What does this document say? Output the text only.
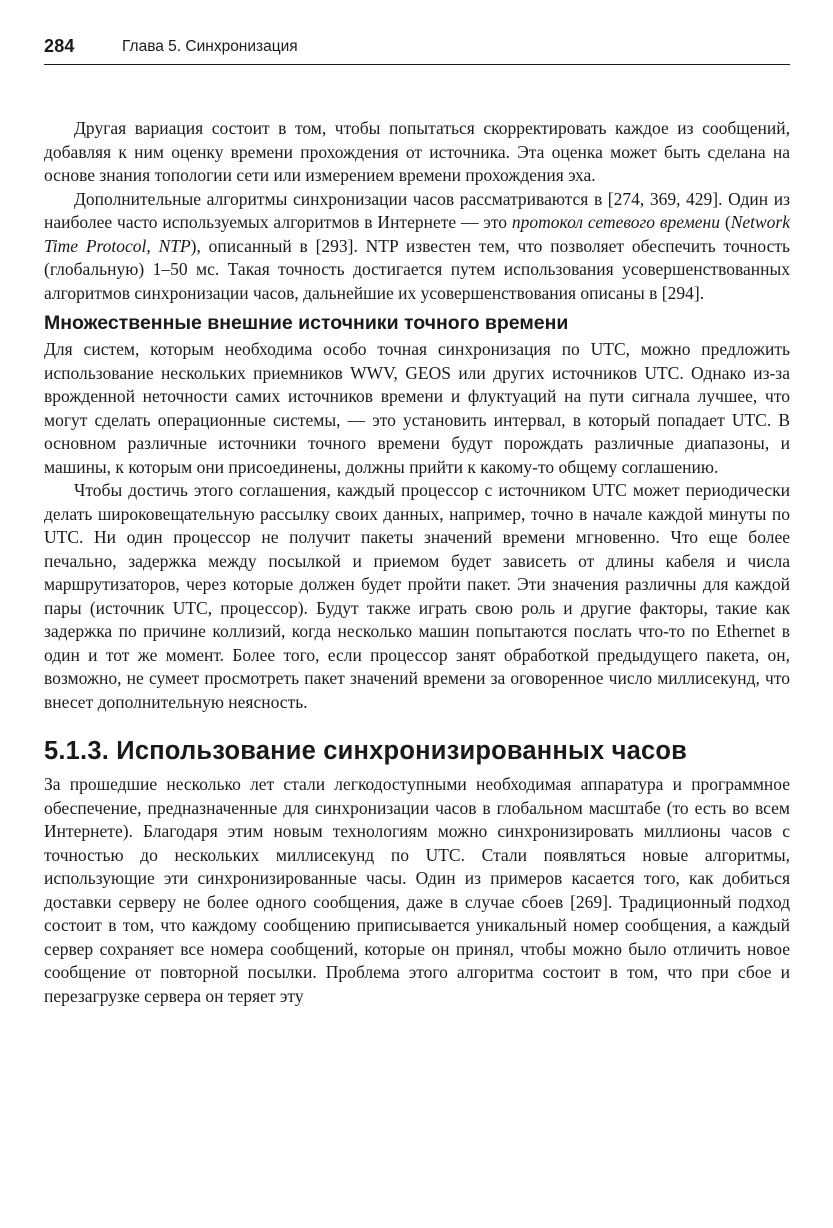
284	Глава 5. Синхронизация

Другая вариация состоит в том, чтобы попытаться скорректировать каждое из сообщений, добавляя к ним оценку времени прохождения от источника. Эта оценка может быть сделана на основе знания топологии сети или измерением времени прохождения эха.

Дополнительные алгоритмы синхронизации часов рассматриваются в [274, 369, 429]. Один из наиболее часто используемых алгоритмов в Интернете — это протокол сетевого времени (Network Time Protocol, NTP), описанный в [293]. NTP известен тем, что позволяет обеспечить точность (глобальную) 1–50 мс. Такая точность достигается путем использования усовершенствованных алгоритмов синхронизации часов, дальнейшие их усовершенствования описаны в [294].

Множественные внешние источники точного времени

Для систем, которым необходима особо точная синхронизация по UTC, можно предложить использование нескольких приемников WWV, GEOS или других источников UTC. Однако из-за врожденной неточности самих источников времени и флуктуаций на пути сигнала лучшее, что могут сделать операционные системы, — это установить интервал, в который попадает UTC. В основном различные источники точного времени будут порождать различные диапазоны, и машины, к которым они присоединены, должны прийти к какому-то общему соглашению.

Чтобы достичь этого соглашения, каждый процессор с источником UTC может периодически делать широковещательную рассылку своих данных, например, точно в начале каждой минуты по UTC. Ни один процессор не получит пакеты значений времени мгновенно. Что еще более печально, задержка между посылкой и приемом будет зависеть от длины кабеля и числа маршрутизаторов, через которые должен будет пройти пакет. Эти значения различны для каждой пары (источник UTC, процессор). Будут также играть свою роль и другие факторы, такие как задержка по причине коллизий, когда несколько машин попытаются послать что-то по Ethernet в один и тот же момент. Более того, если процессор занят обработкой предыдущего пакета, он, возможно, не сумеет просмотреть пакет значений времени за оговоренное число миллисекунд, что внесет дополнительную неясность.

5.1.3. Использование синхронизированных часов

За прошедшие несколько лет стали легкодоступными необходимая аппаратура и программное обеспечение, предназначенные для синхронизации часов в глобальном масштабе (то есть во всем Интернете). Благодаря этим новым технологиям можно синхронизировать миллионы часов с точностью до нескольких миллисекунд по UTC. Стали появляться новые алгоритмы, использующие эти синхронизированные часы. Один из примеров касается того, как добиться доставки серверу не более одного сообщения, даже в случае сбоев [269]. Традиционный подход состоит в том, что каждому сообщению приписывается уникальный номер сообщения, а каждый сервер сохраняет все номера сообщений, которые он принял, чтобы можно было отличить новое сообщение от повторной посылки. Проблема этого алгоритма состоит в том, что при сбое и перезагрузке сервера он теряет эту
